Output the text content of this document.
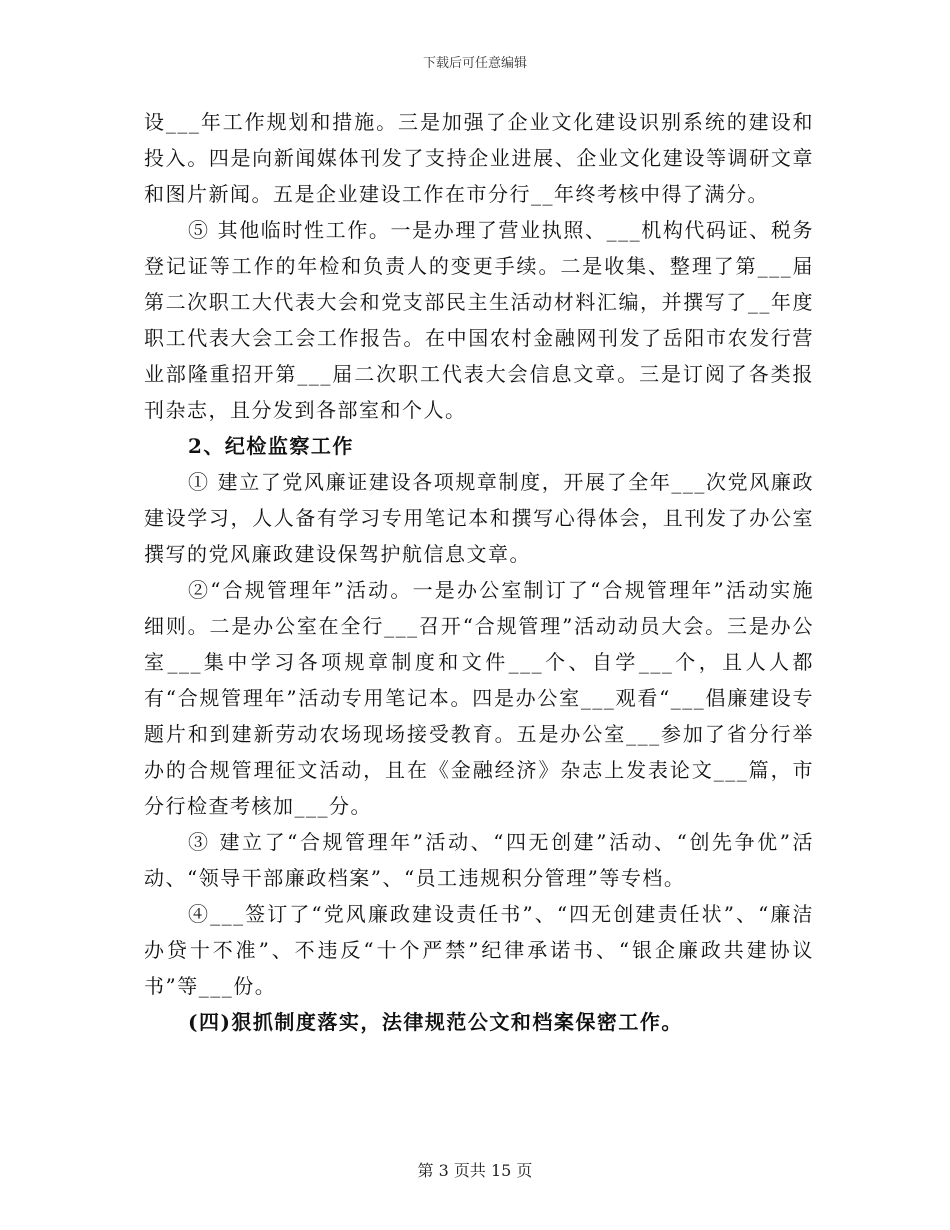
下载后可任意编辑

设___年工作规划和措施。三是加强了企业文化建设识别系统的建设和投入。四是向新闻媒体刊发了支持企业进展、企业文化建设等调研文章和图片新闻。五是企业建设工作在市分行__年终考核中得了满分。

⑤ 其他临时性工作。一是办理了营业执照、___机构代码证、税务登记证等工作的年检和负责人的变更手续。二是收集、整理了第___届第二次职工大代表大会和党支部民主生活动材料汇编，并撰写了__年度职工代表大会工会工作报告。在中国农村金融网刊发了岳阳市农发行营业部隆重招开第___届二次职工代表大会信息文章。三是订阅了各类报刊杂志，且分发到各部室和个人。

2、纪检监察工作

① 建立了党风廉证建设各项规章制度，开展了全年___次党风廉政建设学习，人人备有学习专用笔记本和撰写心得体会，且刊发了办公室撰写的党风廉政建设保驾护航信息文章。

②“合规管理年”活动。一是办公室制订了“合规管理年”活动实施细则。二是办公室在全行___召开“合规管理”活动动员大会。三是办公室___集中学习各项规章制度和文件___个、自学___个，且人人都有“合规管理年”活动专用笔记本。四是办公室___观看“___倡廉建设专题片和到建新劳动农场现场接受教育。五是办公室___参加了省分行举办的合规管理征文活动，且在《金融经济》杂志上发表论文___篇，市分行检查考核加___分。

③ 建立了“合规管理年”活动、“四无创建”活动、“创先争优”活动、“领导干部廉政档案”、“员工违规积分管理”等专档。

④___签订了“党风廉政建设责任书”、“四无创建责任状”、“廉洁办贷十不准”、不违反“十个严禁”纪律承诺书、“银企廉政共建协议书”等___份。

(四)狠抓制度落实，法律规范公文和档案保密工作。

第 3 页共 15 页
